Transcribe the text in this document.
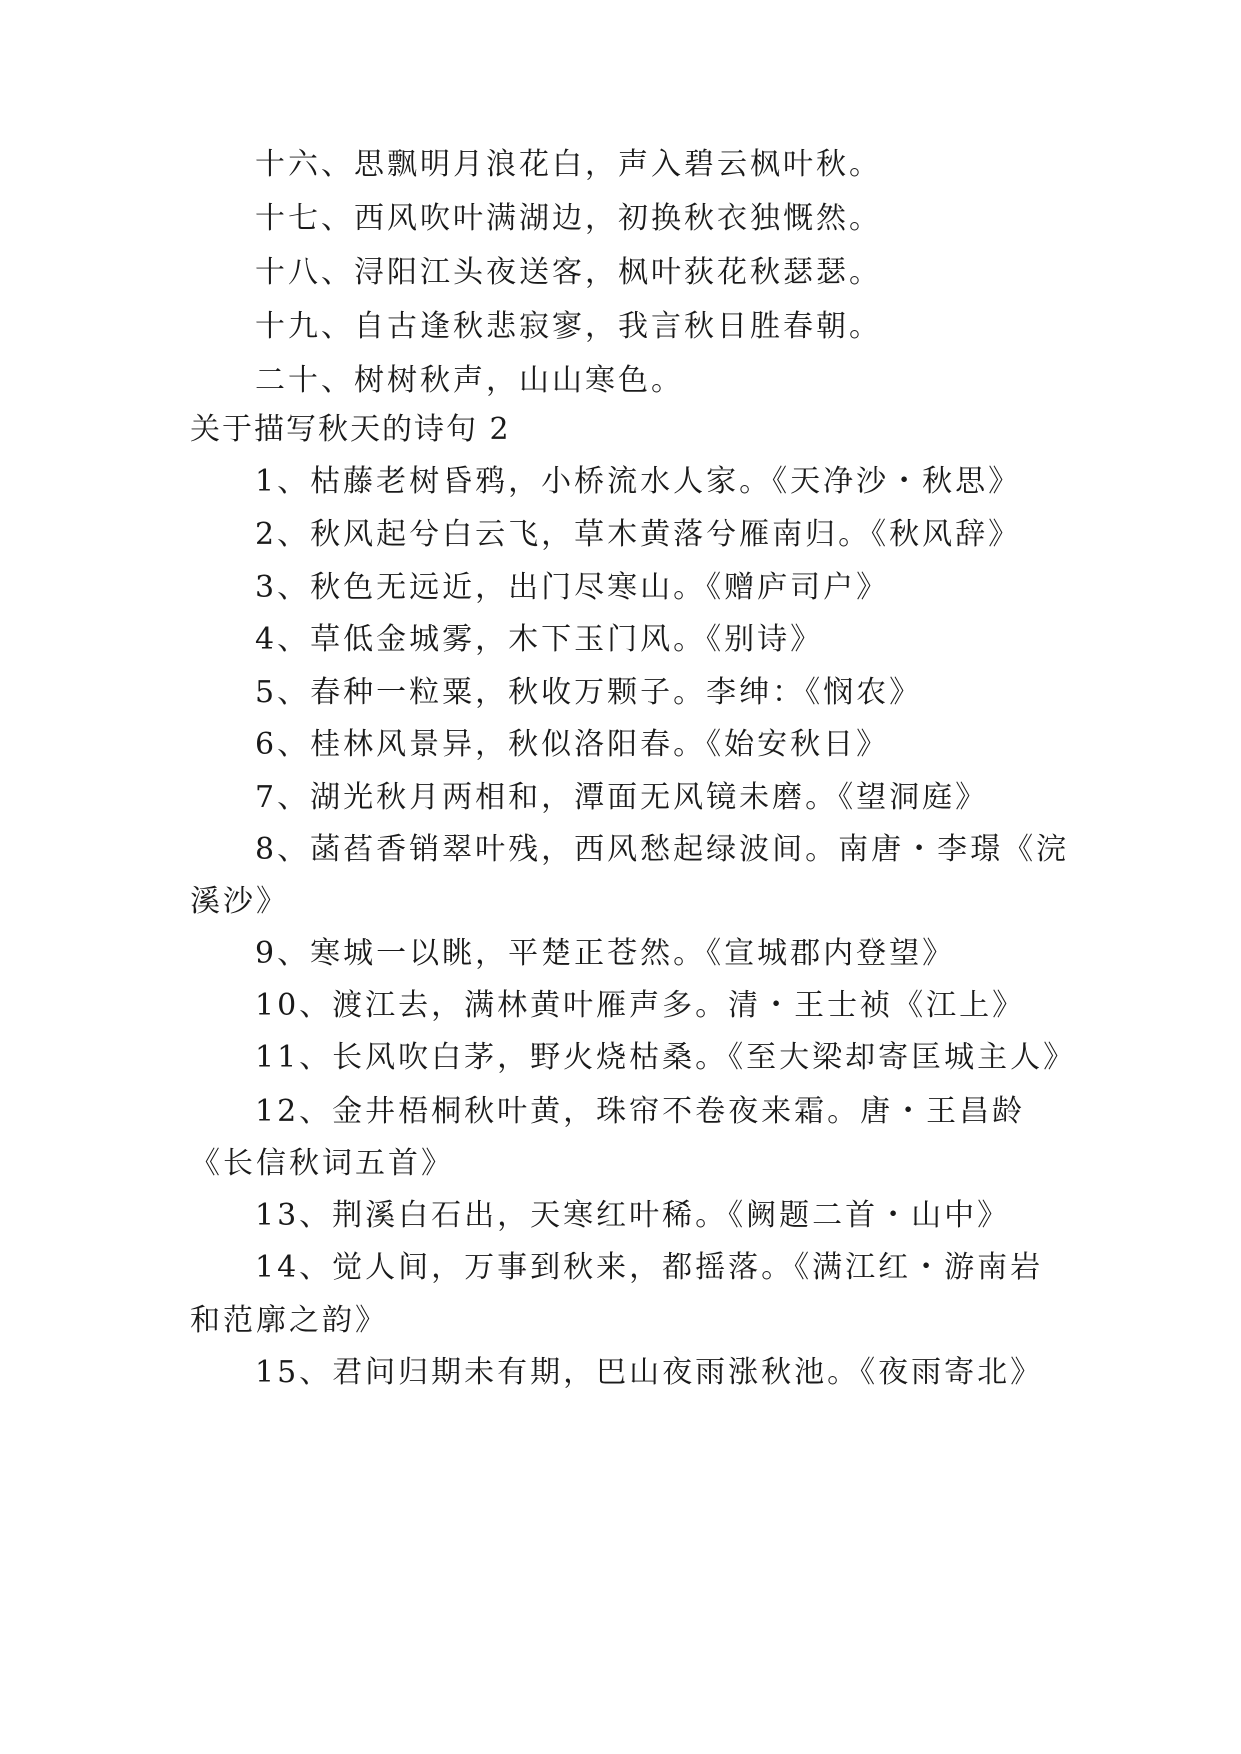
十六、思飘明月浪花白，声入碧云枫叶秋。
十七、西风吹叶满湖边，初换秋衣独慨然。
十八、浔阳江头夜送客，枫叶荻花秋瑟瑟。
十九、自古逢秋悲寂寥，我言秋日胜春朝。
二十、树树秋声，山山寒色。
关于描写秋天的诗句 2
1、枯藤老树昏鸦，小桥流水人家。《天净沙・秋思》
2、秋风起兮白云飞，草木黄落兮雁南归。《秋风辞》
3、秋色无远近，出门尽寒山。《赠庐司户》
4、草低金城雾，木下玉门风。《别诗》
5、春种一粒粟，秋收万颗子。李绅：《悯农》
6、桂林风景异，秋似洛阳春。《始安秋日》
7、湖光秋月两相和，潭面无风镜未磨。《望洞庭》
8、菡萏香销翠叶残，西风愁起绿波间。南唐・李璟《浣
溪沙》
9、寒城一以眺，平楚正苍然。《宣城郡内登望》
10、渡江去，满林黄叶雁声多。清・王士祯《江上》
11、长风吹白茅，野火烧枯桑。《至大梁却寄匡城主人》
12、金井梧桐秋叶黄，珠帘不卷夜来霜。唐・王昌龄
《长信秋词五首》
13、荆溪白石出，天寒红叶稀。《阙题二首・山中》
14、觉人间，万事到秋来，都摇落。《满江红・游南岩
和范廓之韵》
15、君问归期未有期，巴山夜雨涨秋池。《夜雨寄北》
